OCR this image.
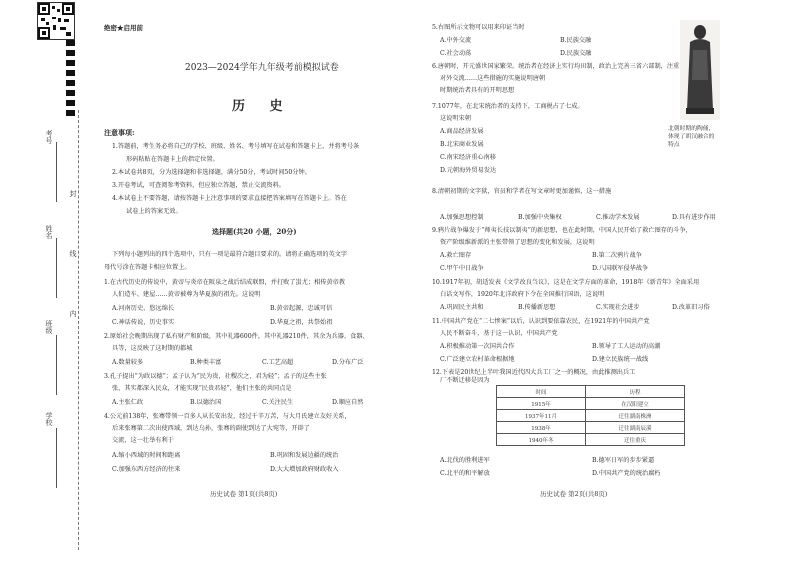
考号
姓名
班级
学校
封
线
内
绝密★启用前
2023—2024学年九年级考前模拟试卷
历 史
注意事项:
1.答题前，考生务必将自己的学校、班级、姓名、考号填写在试卷和答题卡上，并将考号条
形码粘贴在答题卡上的指定位置。
2.本试卷共8页，分为选择题和非选择题，满分50分，考试时间50分钟。
3.开卷考试，可查阅参考资料，但应独立答题，禁止交流资料。
4.本试卷上不要答题，请按答题卡上注意事项的要求直接把答案填写在答题卡上。答在
试卷上的答案无效。
选择题(共20 小题，20分)
下列每小题列出的四个选项中，只有一项是最符合题目要求的。请将正确选项的英文字
母代号涂在答题卡相应位置上。
1.在古代历史的传说中，黄帝与炎帝在阪泉之战后结成联盟，并打败了蚩尤；相传黄帝教
人们造车、建屋……黄帝被尊为华夏族的祖先。这说明
A.河南历史，悠远绵长	B.黄帝起源，忠诚可信
C.神话传说，历史事实	D.华夏之祖，共祭始祖
2.原始社会晚期出现了私有财产和阶级，其中礼器600件，其中礼器210件，其余为兵器、食器、
具等，这反映了这时期的都城
A.数量较多	B.种类丰富	C.工艺高超	D.分布广泛
3.孔子提出“为政以德”；孟子认为“民为贵，社稷次之，君为轻”；孟子的这些主张
张，其实都深入民众，才能实现“民贵君轻”，他们主张的共同点是
A.主张仁政	B.以德治国	C.关注民生	D.顺应自然
4.公元前138年，张骞带领一百多人从长安出发，经过千辛万苦，与大月氏建立友好关系，
后来张骞第二次出使西域，到达乌孙，张骞的副使到达了大宛等，开辟了
交流，这一壮举有利于
A.缩小西域的时间和距离	B.巩固和发展边疆的统治
C.加强东西方经济的往来	D.大大增加政府财政收入
历史试卷 第1页(共8页)
5.右图所示文物可以用来印证当时
A.中外交流	B.民族交融
C.社会动荡	D.民族交融
北朝时期的陶俑，
体现了胡汉融合的
特点
6.唐朝时，开元盛世国家繁荣。统治者在经济上实行均田制，政治上完善三省六部制，注重
对外交流……这些措施的实施说明唐朝
时期统治者具有的开明思想
7.1077年，在北宋统治者的支持下，工商税占了七成。
这说明宋朝
A.商品经济发展
B.北宋商业发展
C.南宋经济重心南移
D.元朝海外贸易发达
8.清朝初期的文字狱，官员和学者在写文章时更加谨慎，这一措施
A.加强思想控制	B.加强中央集权	C.推动学术发展	D.具有进步作用
9.鸦片战争爆发于“师夷长技以制夷”的新思想，也在此时期，中国人民开始了救亡图存的斗争，
资产阶级维新派的主张带领了思想的变化和发展，这说明
A.救亡图存	B.第二次鸦片战争
C.甲午中日战争	D.八国联军侵华战争
10.1917年初，胡适发表《文学改良刍议》，这是在文学方面的革命，1918年《新青年》全面采用
白话文写作，1920年北洋政府下令在全国推行国语，这说明
A.巩固民主共和	B.传播新思想	C.实现社会进步	D.改革旧习俗
11.中国共产党在“二七惨案”以后，认识到要依靠农民，在1921年的中国共产党
人民不断奋斗，基于这一认识，中国共产党
A.积极推动第一次国共合作	B.领导了工人运动的高潮
C.广泛建立农村革命根据地	D.建立民族统一战线
12.下表是20世纪上半叶我国近代四大兵工厂之一的概况，由此推测出兵工
厂不断迁移是因为
时间	历程
1915年	在汉阳建立
1937年11月	迁往湖南株洲
1938年	迁往湖南辰溪
1940年冬	迁往重庆
A.北伐的胜利进军	B.德军日军的步步紧逼
C.北平的和平解放	D.中国共产党的统治腐朽
历史试卷 第2页(共8页)
